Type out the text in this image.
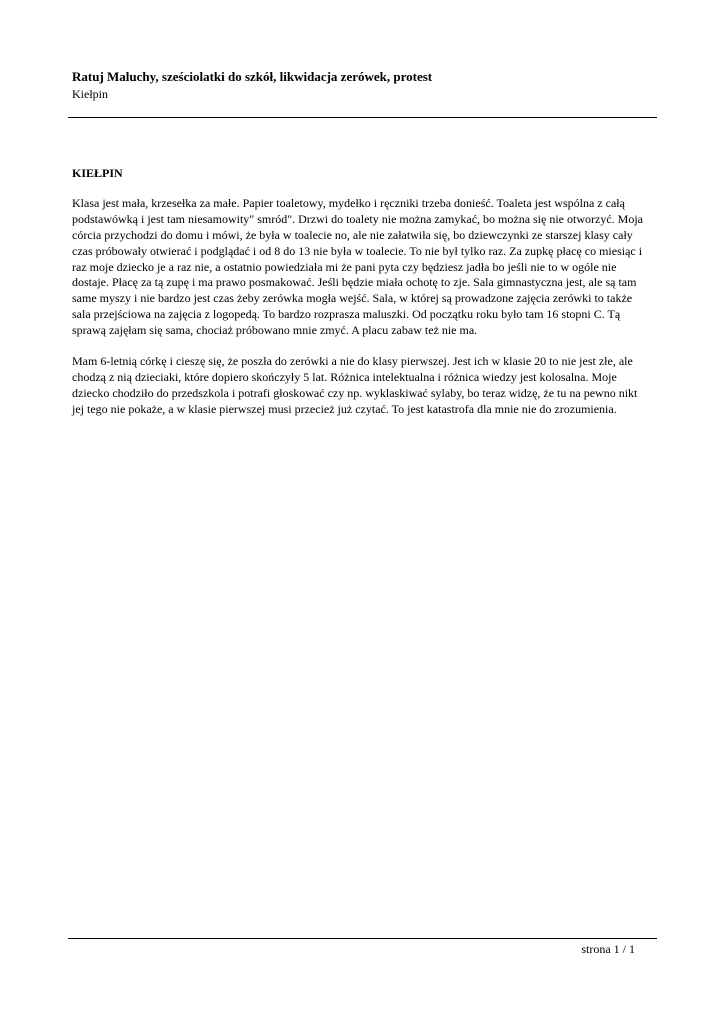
Ratuj Maluchy, sześciolatki do szkół, likwidacja zerówek, protest

Kiełpin

KIEŁPIN

Klasa jest mała, krzesełka za małe. Papier toaletowy, mydełko i ręczniki trzeba donieść. Toaleta jest wspólna z całą
podstawówką i jest tam niesamowity" smród". Drzwi do toalety nie można zamykać, bo można się nie otworzyć. Moja
córcia przychodzi do domu i mówi, że była w toalecie no, ale nie załatwiła się, bo dziewczynki ze starszej klasy cały
czas próbowały otwierać i podglądać i od 8 do 13 nie była w toalecie. To nie był tylko raz. Za zupkę płacę co miesiąc i
raz moje dziecko je a raz nie, a ostatnio powiedziała mi że pani pyta czy będziesz jadła bo jeśli nie to w ogóle nie
dostaje. Płacę za tą zupę i ma prawo posmakować. Jeśli będzie miała ochotę to zje. Sala gimnastyczna jest, ale są tam
same myszy i nie bardzo jest czas żeby zerówka mogła wejść. Sala, w której są prowadzone zajęcia zerówki to także
sala przejściowa na zajęcia z logopedą. To bardzo rozprasza maluszki. Od początku roku było tam 16 stopni C. Tą
sprawą zajęłam się sama, chociaż próbowano mnie zmyć. A placu zabaw też nie ma.
Mam 6-letnią córkę i cieszę się, że poszła do zerówki a nie do klasy pierwszej. Jest ich w klasie 20 to nie jest złe, ale
chodzą z nią dzieciaki, które dopiero skończyły 5 lat. Różnica intelektualna i różnica wiedzy jest kolosalna. Moje
dziecko chodziło do przedszkola i potrafi głoskować czy np. wyklaskiwać sylaby, bo teraz widzę, że tu na pewno nikt
jej tego nie pokaże, a w klasie pierwszej musi przecież już czytać. To jest katastrofa dla mnie nie do zrozumienia.
strona 1 / 1
